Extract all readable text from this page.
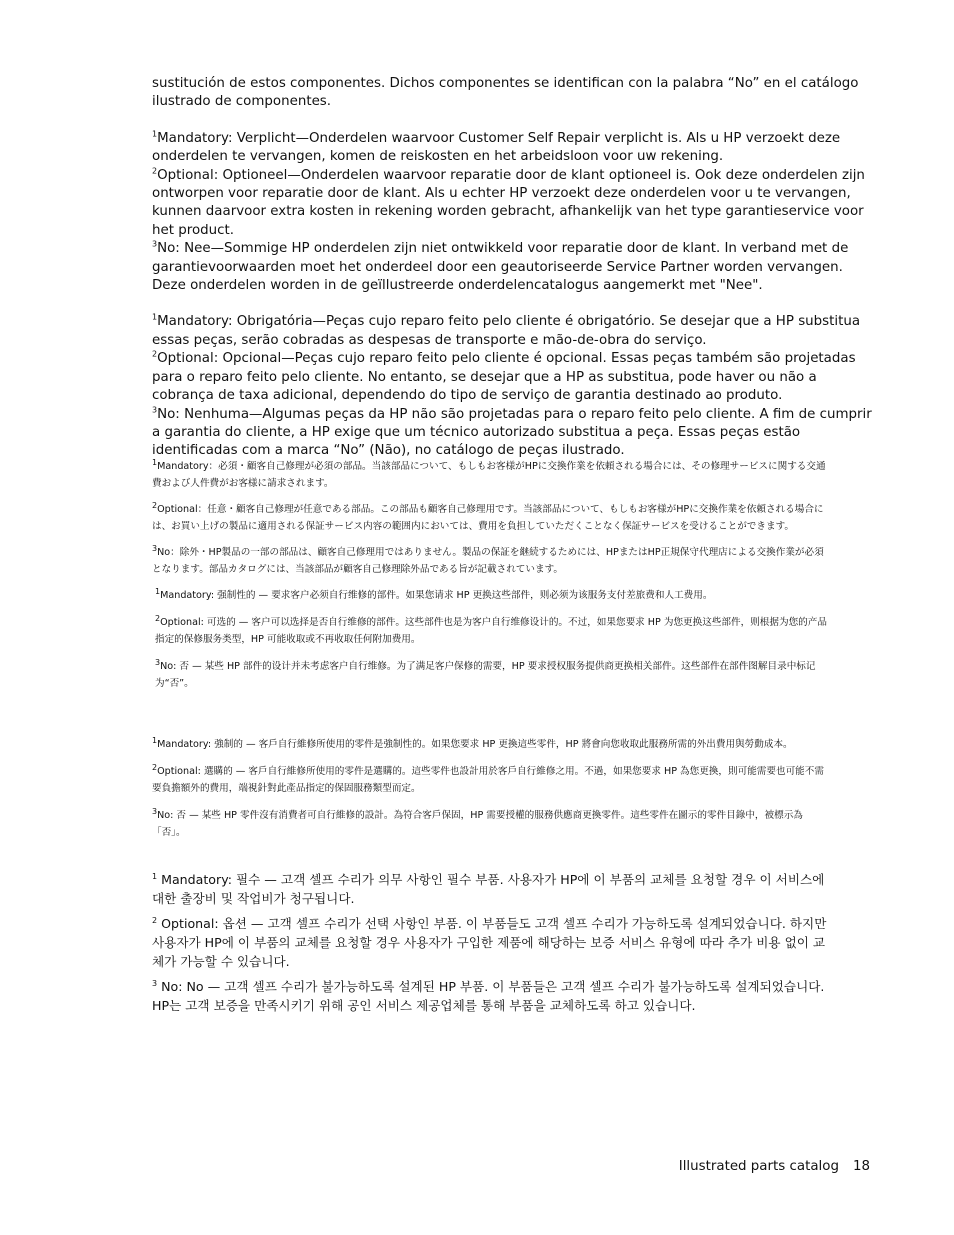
sustitución de estos componentes. Dichos componentes se identifican con la palabra “No” en el catálogo ilustrado de componentes.

$^1$Mandatory: Verplicht—Onderdelen waarvoor Customer Self Repair verplicht is. Als u HP verzoekt deze onderdelen te vervangen, komen de reiskosten en het arbeidsloon voor uw rekening.

$^2$Optional: Optioneel—Onderdelen waarvoor reparatie door de klant optioneel is. Ook deze onderdelen zijn ontworpen voor reparatie door de klant. Als u echter HP verzoekt deze onderdelen voor u te vervangen, kunnen daarvoor extra kosten in rekening worden gebracht, afhankelijk van het type garantieservice voor het product.

$^3$No: Nee—Sommige HP onderdelen zijn niet ontwikkeld voor reparatie door de klant. In verband met de garantievoorwaarden moet het onderdeel door een geautoriseerde Service Partner worden vervangen. Deze onderdelen worden in de geïllustreerde onderdelencatalogus aangemerkt met "Nee".

$^1$Mandatory: Obrigatória—Peças cujo reparo feito pelo cliente é obrigatório. Se desejar que a HP substitua essas peças, serão cobradas as despesas de transporte e mão-de-obra do serviço.

$^2$Optional: Opcional—Peças cujo reparo feito pelo cliente é opcional. Essas peças também são projetadas para o reparo feito pelo cliente. No entanto, se desejar que a HP as substitua, pode haver ou não a cobrança de taxa adicional, dependendo do tipo de serviço de garantia destinado ao produto.

$^3$No: Nenhuma—Algumas peças da HP não são projetadas para o reparo feito pelo cliente. A fim de cumprir a garantia do cliente, a HP exige que um técnico autorizado substitua a peça. Essas peças estão identificadas com a marca “No” (Não), no catálogo de peças ilustrado.

$^1$Mandatory：必須・顧客自己修理が必須の部品。当該部品について、もしもお客様がHPに交換作業を依頼される場合には、その修理サービスに関する交通費および人件費がお客様に請求されます。

$^2$Optional：任意・顧客自己修理が任意である部品。この部品も顧客自己修理用です。当該部品について、もしもお客様がHPに交換作業を依頼される場合には、お買い上げの製品に適用される保証サービス内容の範囲内においては、費用を負担していただくことなく保証サービスを受けることができます。

$^3$No：除外・HP製品の一部の部品は、顧客自己修理用ではありません。製品の保証を継続するためには、HPまたはHP正規保守代理店による交換作業が必須となります。部品カタログには、当該部品が顧客自己修理除外品である旨が記載されています。

$^1$Mandatory: 强制性的 — 要求客户必须自行维修的部件。如果您请求 HP 更换这些部件，则必须为该服务支付差旅费和人工费用。

$^2$Optional: 可选的 — 客户可以选择是否自行维修的部件。这些部件也是为客户自行维修设计的。不过，如果您要求 HP 为您更换这些部件，则根据为您的产品指定的保修服务类型，HP 可能收取或不再收取任何附加费用。

$^3$No: 否 — 某些 HP 部件的设计并未考虑客户自行维修。为了满足客户保修的需要，HP 要求授权服务提供商更换相关部件。这些部件在部件图解目录中标记为“否”。

$^1$Mandatory: 強制的 — 客戶自行維修所使用的零件是強制性的。如果您要求 HP 更換這些零件，HP 將會向您收取此服務所需的外出費用與勞動成本。

$^2$Optional: 選購的 — 客戶自行維修所使用的零件是選購的。這些零件也設計用於客戶自行維修之用。不過，如果您要求 HP 為您更換，則可能需要也可能不需要負擔額外的費用，端視針對此產品指定的保固服務類型而定。

$^3$No: 否 — 某些 HP 零件沒有消費者可自行維修的設計。為符合客戶保固，HP 需要授權的服務供應商更換零件。這些零件在圖示的零件目錄中，被標示為「否」。

$^1$ Mandatory: 필수 — 고객 셀프 수리가 의무 사항인 필수 부품. 사용자가 HP에 이 부품의 교체를 요청할 경우 이 서비스에 대한 출장비 및 작업비가 청구됩니다.

$^2$ Optional: 옵션 — 고객 셀프 수리가 선택 사항인 부품. 이 부품들도 고객 셀프 수리가 가능하도록 설계되었습니다. 하지만 사용자가 HP에 이 부품의 교체를 요청할 경우 사용자가 구입한 제품에 해당하는 보증 서비스 유형에 따라 추가 비용 없이 교체가 가능할 수 있습니다.

$^3$ No: No — 고객 셀프 수리가 불가능하도록 설계된 HP 부품. 이 부품들은 고객 셀프 수리가 불가능하도록 설계되었습니다. HP는 고객 보증을 만족시키기 위해 공인 서비스 제공업체를 통해 부품을 교체하도록 하고 있습니다.

Illustrated parts catalog 18
